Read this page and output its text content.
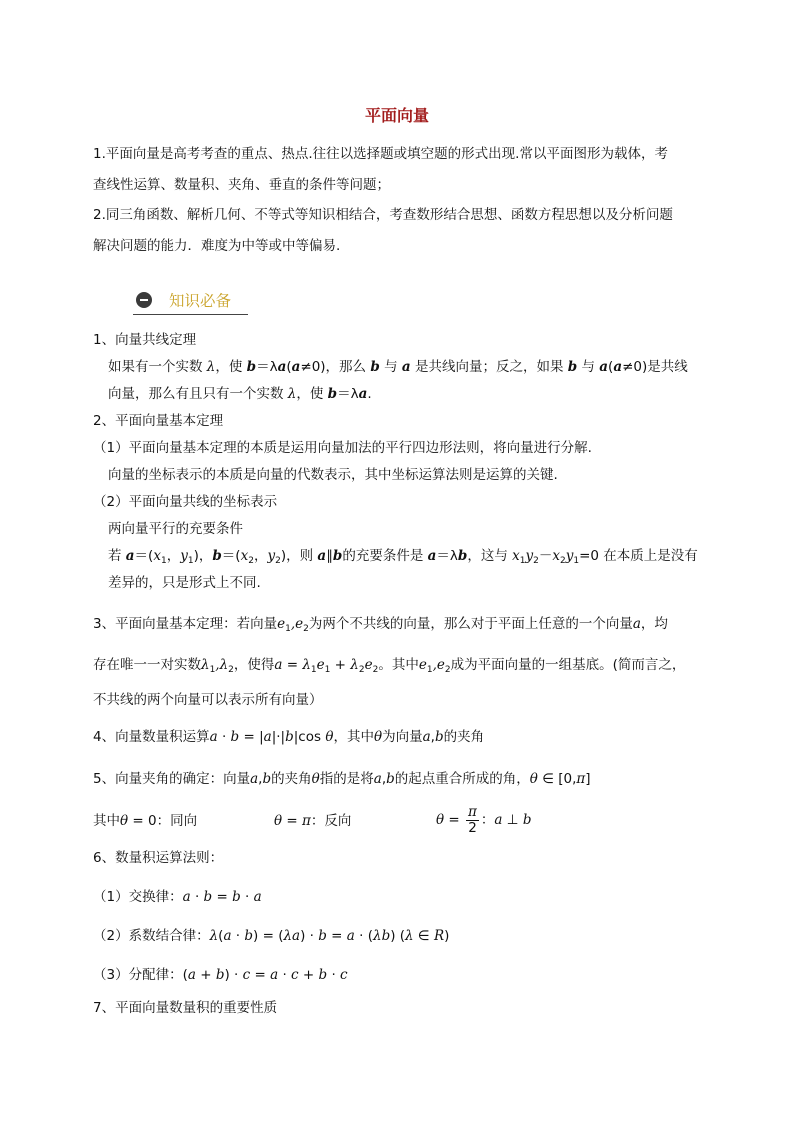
平面向量
1.平面向量是高考考查的重点、热点.往往以选择题或填空题的形式出现.常以平面图形为载体，考
查线性运算、数量积、夹角、垂直的条件等问题；
2.同三角函数、解析几何、不等式等知识相结合，考查数形结合思想、函数方程思想以及分析问题
解决问题的能力．难度为中等或中等偏易.
知识必备
1、向量共线定理
如果有一个实数 λ，使 b＝λa(a≠0)，那么 b 与 a 是共线向量；反之，如果 b 与 a(a≠0)是共线
向量，那么有且只有一个实数 λ，使 b＝λa.
2、平面向量基本定理
（1）平面向量基本定理的本质是运用向量加法的平行四边形法则，将向量进行分解.
向量的坐标表示的本质是向量的代数表示，其中坐标运算法则是运算的关键.
（2）平面向量共线的坐标表示
两向量平行的充要条件
若 $a=(x_1$，$y_1$)，$b=(x_2$，$y_2$)，则 a∥b的充要条件是 a＝λb，这与 $x_1y_2-x_2y_1=0$ 在本质上是没有
差异的，只是形式上不同.
3、平面向量基本定理：若向量$e_1,e_2$为两个不共线的向量，那么对于平面上任意的一个向量a，均
存在唯一一对实数$\lambda_1,\lambda_2$，使得$a = \lambda_1e_1 + \lambda_2e_2$。其中$e_1,e_2$成为平面向量的一组基底。(简而言之，
不共线的两个向量可以表示所有向量）
4、向量数量积运算a · b = |a|·|b|cos θ，其中θ为向量a,b的夹角
5、向量夹角的确定：向量a,b的夹角θ指的是将a,b的起点重合所成的角，θ ∈ [0,π]
其中θ = 0：同向	θ = π：反向	$\theta = \frac{\pi}{2}$ ：a ⊥ b
6、数量积运算法则：
（1）交换律：a · b = b · a
（2）系数结合律：λ(a · b) = (λa) · b = a · (λb) (λ ∈ R)
（3）分配律：(a + b) · c = a · c + b · c
7、平面向量数量积的重要性质
